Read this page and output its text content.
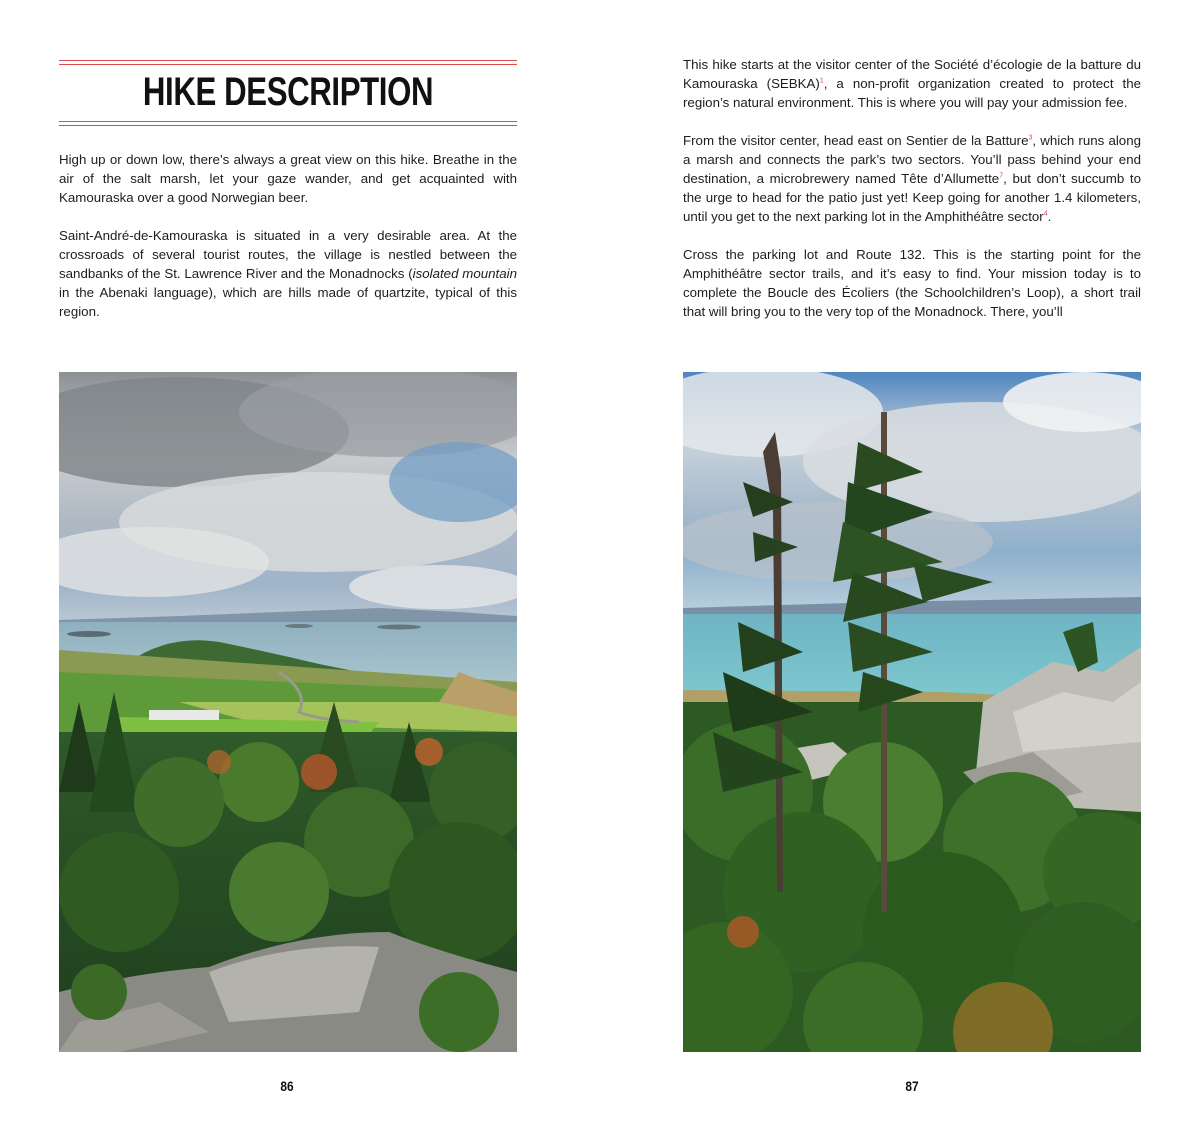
HIKE DESCRIPTION

High up or down low, there’s always a great view on this hike. Breathe in the air of the salt marsh, let your gaze wander, and get acquainted with Kamouraska over a good Norwegian beer.

Saint-André-de-Kamouraska is situated in a very desirable area. At the crossroads of several tourist routes, the village is nestled between the sandbanks of the St. Lawrence River and the Monadnocks (isolated mountain in the Abenaki language), which are hills made of quartzite, typical of this region.

86

This hike starts at the visitor center of the Société d’écologie de la batture du Kamouraska (SEBKA)$^1$, a non-profit organization created to protect the region’s natural environment. This is where you will pay your admission fee.

From the visitor center, head east on Sentier de la Batture$^3$, which runs along a marsh and connects the park’s two sectors. You’ll pass behind your end destination, a microbrewery named Tête d’Allumette$^7$, but don’t succumb to the urge to head for the patio just yet! Keep going for another 1.4 kilometers, until you get to the next parking lot in the Amphithéâtre sector$^4$.

Cross the parking lot and Route 132. This is the starting point for the Amphithéâtre sector trails, and it’s easy to find. Your mission today is to complete the Boucle des Écoliers (the Schoolchildren’s Loop), a short trail that will bring you to the very top of the Monadnock. There, you’ll

87
